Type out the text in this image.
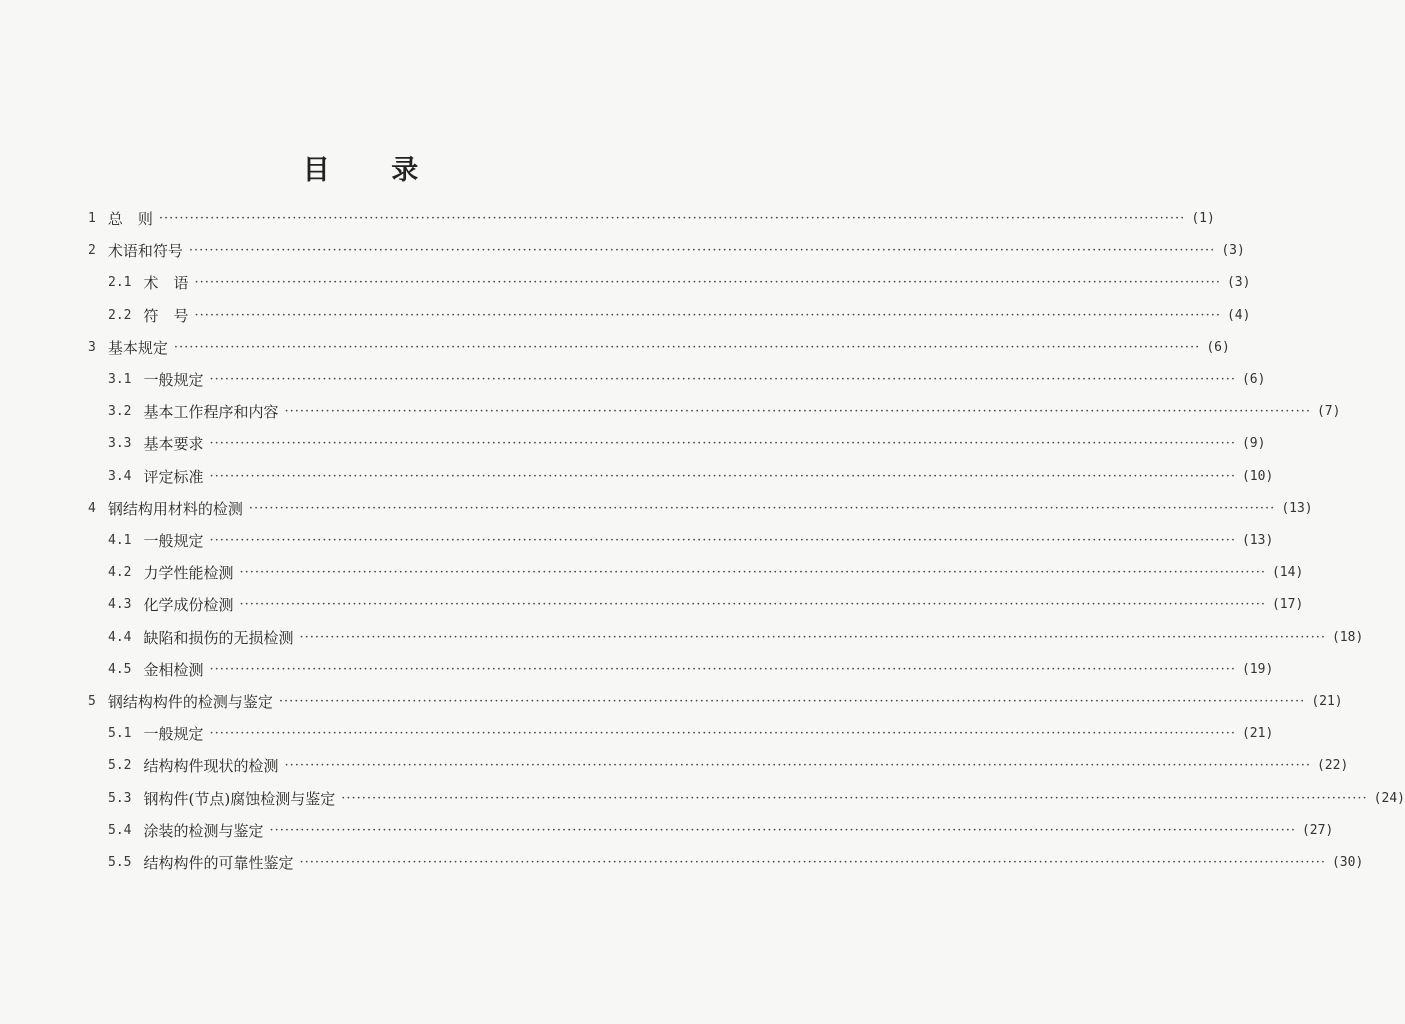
目 录
1 总　则 ········································································································································································································ (1)
2 术语和符号 ········································································································································································································ (3)
2.1 术　语 ········································································································································································································ (3)
2.2 符　号 ········································································································································································································ (4)
3 基本规定 ········································································································································································································ (6)
3.1 一般规定 ········································································································································································································ (6)
3.2 基本工作程序和内容 ········································································································································································································ (7)
3.3 基本要求 ········································································································································································································ (9)
3.4 评定标准 ········································································································································································································ (10)
4 钢结构用材料的检测 ········································································································································································································ (13)
4.1 一般规定 ········································································································································································································ (13)
4.2 力学性能检测 ········································································································································································································ (14)
4.3 化学成份检测 ········································································································································································································ (17)
4.4 缺陷和损伤的无损检测 ········································································································································································································ (18)
4.5 金相检测 ········································································································································································································ (19)
5 钢结构构件的检测与鉴定 ········································································································································································································ (21)
5.1 一般规定 ········································································································································································································ (21)
5.2 结构构件现状的检测 ········································································································································································································ (22)
5.3 钢构件(节点)腐蚀检测与鉴定 ········································································································································································································ (24)
5.4 涂装的检测与鉴定 ········································································································································································································ (27)
5.5 结构构件的可靠性鉴定 ········································································································································································································ (30)
